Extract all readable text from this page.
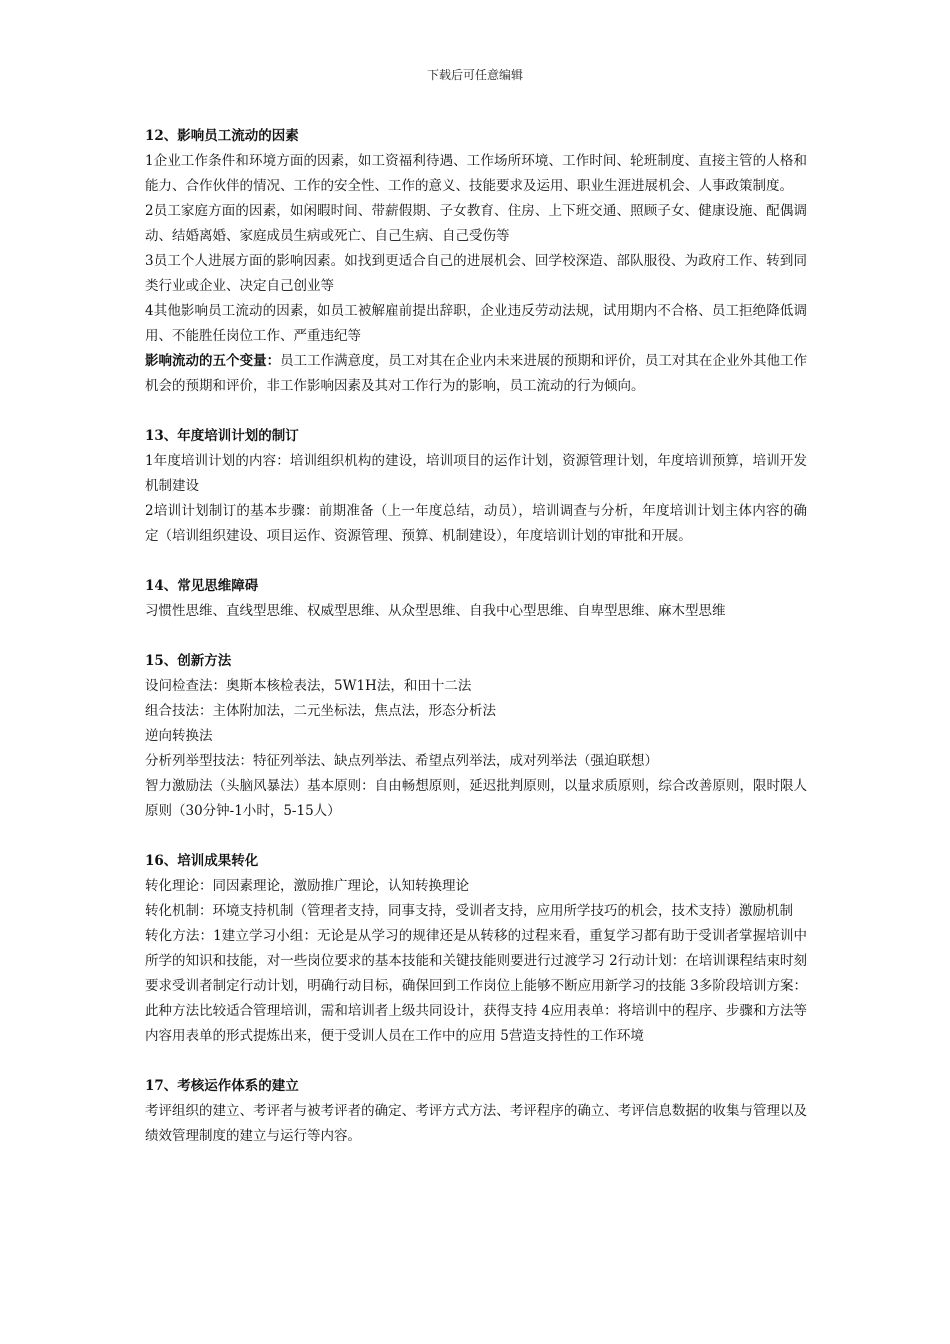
下载后可任意编辑

12、影响员工流动的因素

1企业工作条件和环境方面的因素，如工资福利待遇、工作场所环境、工作时间、轮班制度、直接主管的人格和能力、合作伙伴的情况、工作的安全性、工作的意义、技能要求及运用、职业生涯进展机会、人事政策制度。

2员工家庭方面的因素，如闲暇时间、带薪假期、子女教育、住房、上下班交通、照顾子女、健康设施、配偶调动、结婚离婚、家庭成员生病或死亡、自己生病、自己受伤等

3员工个人进展方面的影响因素。如找到更适合自己的进展机会、回学校深造、部队服役、为政府工作、转到同类行业或企业、决定自己创业等

4其他影响员工流动的因素，如员工被解雇前提出辞职，企业违反劳动法规，试用期内不合格、员工拒绝降低调用、不能胜任岗位工作、严重违纪等

影响流动的五个变量：员工工作满意度，员工对其在企业内未来进展的预期和评价，员工对其在企业外其他工作机会的预期和评价，非工作影响因素及其对工作行为的影响，员工流动的行为倾向。

13、年度培训计划的制订

1年度培训计划的内容：培训组织机构的建设，培训项目的运作计划，资源管理计划，年度培训预算，培训开发机制建设

2培训计划制订的基本步骤：前期准备（上一年度总结，动员），培训调查与分析，年度培训计划主体内容的确定（培训组织建设、项目运作、资源管理、预算、机制建设），年度培训计划的审批和开展。

14、常见思维障碍

习惯性思维、直线型思维、权威型思维、从众型思维、自我中心型思维、自卑型思维、麻木型思维

15、创新方法

设问检查法：奥斯本核检表法，5W1H法，和田十二法

组合技法：主体附加法，二元坐标法，焦点法，形态分析法

逆向转换法

分析列举型技法：特征列举法、缺点列举法、希望点列举法，成对列举法（强迫联想）

智力激励法（头脑风暴法）基本原则：自由畅想原则，延迟批判原则，以量求质原则，综合改善原则，限时限人原则（30分钟-1小时，5-15人）

16、培训成果转化

转化理论：同因素理论，激励推广理论，认知转换理论

转化机制：环境支持机制（管理者支持，同事支持，受训者支持，应用所学技巧的机会，技术支持）激励机制

转化方法：1建立学习小组：无论是从学习的规律还是从转移的过程来看，重复学习都有助于受训者掌握培训中所学的知识和技能，对一些岗位要求的基本技能和关键技能则要进行过渡学习 2行动计划：在培训课程结束时刻要求受训者制定行动计划，明确行动目标，确保回到工作岗位上能够不断应用新学习的技能 3多阶段培训方案：此种方法比较适合管理培训，需和培训者上级共同设计，获得支持 4应用表单：将培训中的程序、步骤和方法等内容用表单的形式提炼出来，便于受训人员在工作中的应用 5营造支持性的工作环境

17、考核运作体系的建立

考评组织的建立、考评者与被考评者的确定、考评方式方法、考评程序的确立、考评信息数据的收集与管理以及绩效管理制度的建立与运行等内容。
